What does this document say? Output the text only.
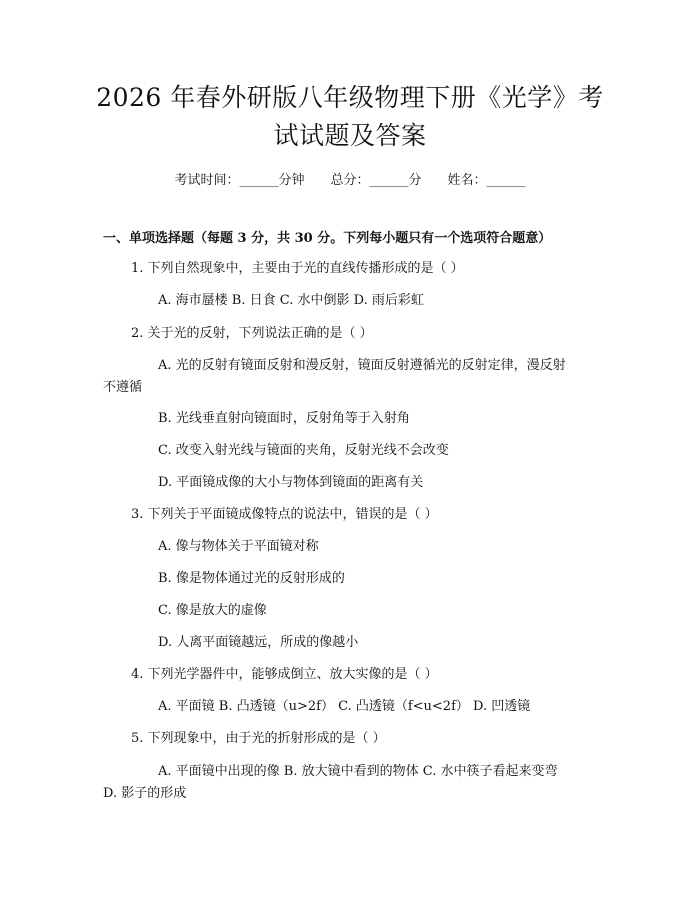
2026 年春外研版八年级物理下册《光学》考
试试题及答案
考试时间：______分钟　　总分：______分　　姓名：______
一、单项选择题（每题 3 分，共 30 分。下列每小题只有一个选项符合题意）
1. 下列自然现象中，主要由于光的直线传播形成的是（ ）
A. 海市蜃楼 B. 日食 C. 水中倒影 D. 雨后彩虹
2. 关于光的反射，下列说法正确的是（ ）
A. 光的反射有镜面反射和漫反射，镜面反射遵循光的反射定律，漫反射
不遵循
B. 光线垂直射向镜面时，反射角等于入射角
C. 改变入射光线与镜面的夹角，反射光线不会改变
D. 平面镜成像的大小与物体到镜面的距离有关
3. 下列关于平面镜成像特点的说法中，错误的是（ ）
A. 像与物体关于平面镜对称
B. 像是物体通过光的反射形成的
C. 像是放大的虚像
D. 人离平面镜越远，所成的像越小
4. 下列光学器件中，能够成倒立、放大实像的是（ ）
A. 平面镜 B. 凸透镜（u>2f） C. 凸透镜（f<u<2f） D. 凹透镜
5. 下列现象中，由于光的折射形成的是（ ）
A. 平面镜中出现的像 B. 放大镜中看到的物体 C. 水中筷子看起来变弯
D. 影子的形成
